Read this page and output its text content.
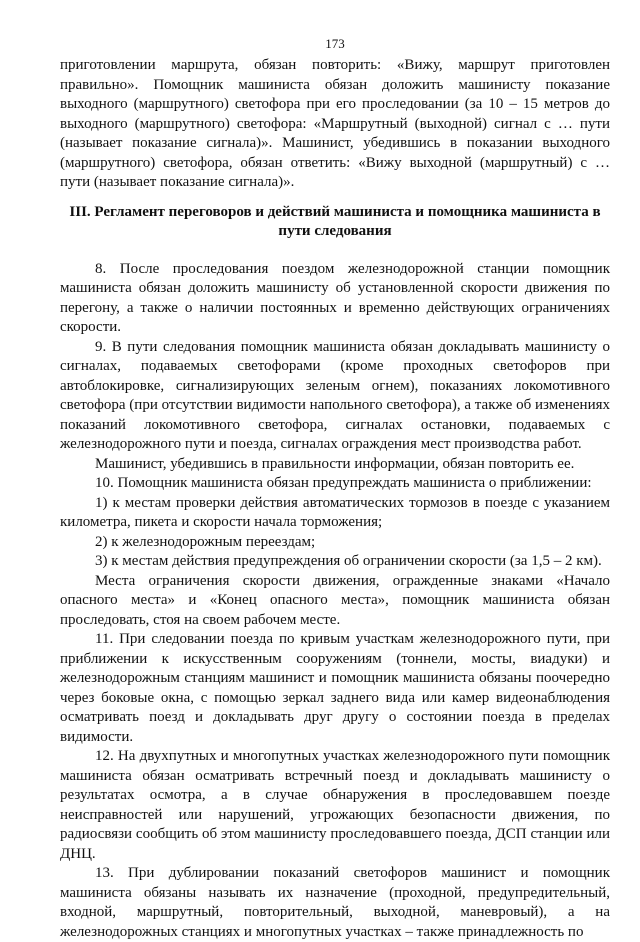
173

приготовлении маршрута, обязан повторить: «Вижу, маршрут приготовлен правильно». Помощник машиниста обязан доложить машинисту показание выходного (маршрутного) светофора при его проследовании (за 10 – 15 метров до выходного (маршрутного) светофора: «Маршрутный (выходной) сигнал с … пути (называет показание сигнала)». Машинист, убедившись в показании выходного (маршрутного) светофора, обязан ответить: «Вижу выходной (маршрутный) с … пути (называет показание сигнала)».

III. Регламент переговоров и действий машиниста и помощника машиниста в пути следования

8. После проследования поездом железнодорожной станции помощник машиниста обязан доложить машинисту об установленной скорости движения по перегону, а также о наличии постоянных и временно действующих ограничениях скорости.

9. В пути следования помощник машиниста обязан докладывать машинисту о сигналах, подаваемых светофорами (кроме проходных светофоров при автоблокировке, сигнализирующих зеленым огнем), показаниях локомотивного светофора (при отсутствии видимости напольного светофора), а также об изменениях показаний локомотивного светофора, сигналах остановки, подаваемых с железнодорожного пути и поезда, сигналах ограждения мест производства работ.

Машинист, убедившись в правильности информации, обязан повторить ее.

10. Помощник машиниста обязан предупреждать машиниста о приближении:

1) к местам проверки действия автоматических тормозов в поезде с указанием километра, пикета и скорости начала торможения;

2) к железнодорожным переездам;

3) к местам действия предупреждения об ограничении скорости (за 1,5 – 2 км).

Места ограничения скорости движения, огражденные знаками «Начало опасного места» и «Конец опасного места», помощник машиниста обязан проследовать, стоя на своем рабочем месте.

11. При следовании поезда по кривым участкам железнодорожного пути, при приближении к искусственным сооружениям (тоннели, мосты, виадуки) и железнодорожным станциям машинист и помощник машиниста обязаны поочередно через боковые окна, с помощью зеркал заднего вида или камер видеонаблюдения осматривать поезд и докладывать друг другу о состоянии поезда в пределах видимости.

12. На двухпутных и многопутных участках железнодорожного пути помощник машиниста обязан осматривать встречный поезд и докладывать машинисту о результатах осмотра, а в случае обнаружения в проследовавшем поезде неисправностей или нарушений, угрожающих безопасности движения, по радиосвязи сообщить об этом машинисту проследовавшего поезда, ДСП станции или ДНЦ.

13. При дублировании показаний светофоров машинист и помощник машиниста обязаны называть их назначение (проходной, предупредительный, входной, маршрутный, повторительный, выходной, маневровый), а на железнодорожных станциях и многопутных участках – также принадлежность по
